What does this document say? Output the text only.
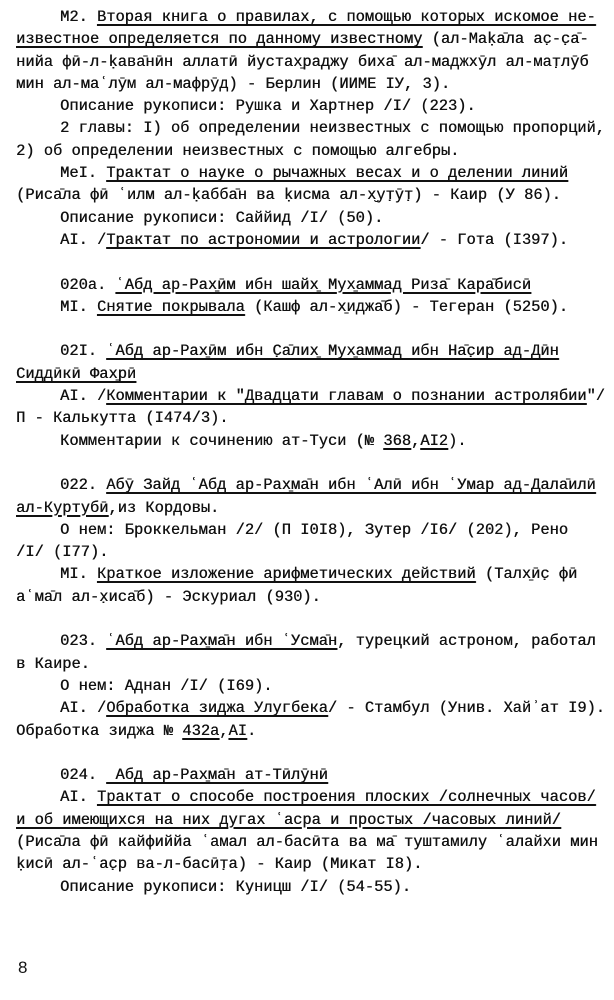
М2. Вторая книга о правилах, с помощью которых искомое не-
известное определяется по данному известному (ал-Маḳа̄ла ас̣-с̣а̄-
нийа фӣ-л-ḳава̄нӣн аллатӣ йустах̱раджу биха̄ ал-маджхӯл ал-мат̣лӯб
мин ал-маʿлӯм ал-мафрӯд) - Берлин (ИИМЕ IУ, 3).
Описание рукописи: Рушка и Хартнер /I/ (223).
2 главы: I) об определении неизвестных с помощью пропорций,
2) об определении неизвестных с помощью алгебры.
МеI. Трактат о науке о рычажных весах и о делении линий
(Риса̄ла фӣ ʿилм ал-ḳабба̄н ва ḳисма ал-х̮ут̣ӯт̣) - Каир (У 86).
Описание рукописи: Саййид /I/ (50).
AI. /Трактат по астрономии и астрологии/ - Гота (I397).
020а. ʿАбд ар-Рах̱ӣм ибн шайх̱ Мух̱аммад Риза̄ Кара̄бисӣ
МI. Снятие покрывала (Кашф ал-х̱иджа̄б) - Тегеран (5250).
02I. ʿАбд ар-Рах̱ӣм ибн С̣а̄лих̱ Мух̱аммад ибн На̄с̣ир ад-Дӣн
Сиддӣкӣ Фах̱рӣ
АI. /Комментарии к "Двадцати главам о познании астролябии"/
П - Калькутта (I474/3).
Комментарии к сочинению ат-Туси (№ 368,AI2).
022. Абӯ Зайд ʿАбд ар-Рах̱ма̄н ибн ʿАлӣ ибн ʿУмар ад-Дала̄илӣ
ал-Куртубӣ,из Кордовы.
О нем: Броккельман /2/ (П I0I8), Зутер /I6/ (202), Рено
/I/ (I77).
МI. Краткое изложение арифметических действий (Талх̱ӣс̣ фӣ
аʿма̄л ал-х̣иса̄б) - Эскуриал (930).
023. ʿАбд ар-Рах̱ма̄н ибн ʿУсма̄н, турецкий астроном, работал
в Каире.
О нем: Аднан /I/ (I69).
AI. /Обработка зиджа Улугбека/ - Стамбул (Унив. Хайʾат I9).
Обработка зиджа № 432а,AI.
024.  Абд ар-Рах̱ма̄н ат-Тӣлӯнӣ
AI. Трактат о способе построения плоских /солнечных часов/
и об имеющихся на них дугах ʿасра и простых /часовых линий/
(Риса̄ла фӣ кайфиййа ʿамал ал-басӣта ва ма̄ туштамилу ʿалайхи мин
ḳисӣ ал-ʿас̣р ва-л-басӣт̣а) - Каир (Микат I8).
Описание рукописи: Куницш /I/ (54-55).
8
